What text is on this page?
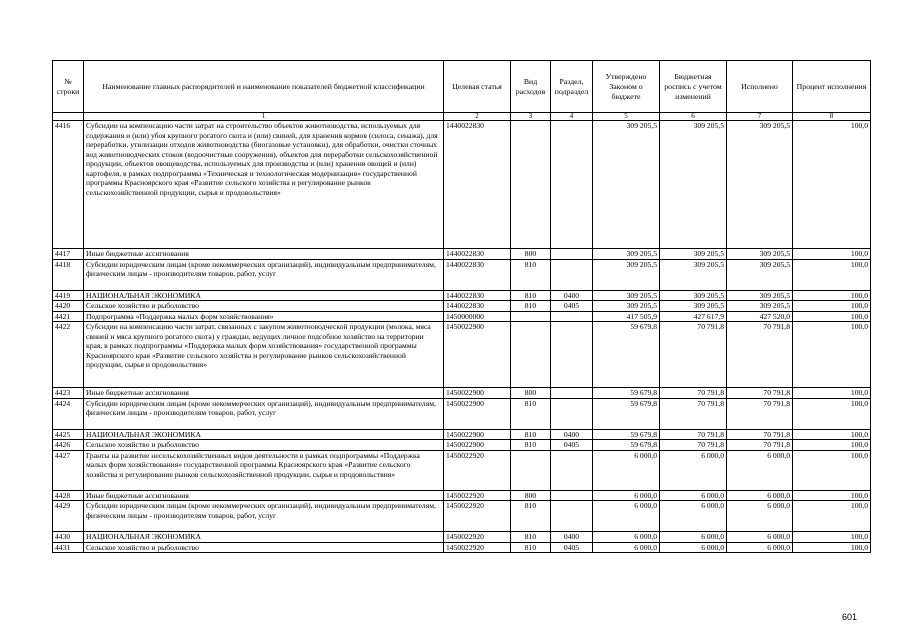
№ строки	Наименование главных распорядителей и наименование показателей бюджетной классификации	Целевая статья	Вид расходов	Раздел, подраздел	Утверждено Законом о бюджете	Бюджетная роспись с учетом изменений	Исполнено	Процент исполнения
	1	2	3	4	5	6	7	8
4416	Субсидии на компенсацию части затрат на строительство объектов животноводства, используемых для содержания и (или) убоя крупного рогатого скота и (или) свиней, для хранения кормов (силоса, сенажа), для переработки, утилизации отходов животноводства (биогазовые установки), для обработки, очистки сточных вод животноводческих стоков (водоочистные сооружения), объектов для переработки сельскохозяйственной продукции, объектов овощеводства, используемых для производства и (или) хранения овощей и (или) картофеля, в рамках подпрограммы «Техническая и технологическая модернизация» государственной программы Красноярского края «Развитие сельского хозяйства и регулирование рынков сельскохозяйственной продукции, сырья и продовольствия»	1440022830			309 205,5	309 205,5	309 205,5	100,0
4417	Иные бюджетные ассигнования	1440022830	800		309 205,5	309 205,5	309 205,5	100,0
4418	Субсидии юридическим лицам (кроме некоммерческих организаций), индивидуальным предпринимателям, физическим лицам - производителям товаров, работ, услуг	1440022830	810		309 205,5	309 205,5	309 205,5	100,0
4419	НАЦИОНАЛЬНАЯ ЭКОНОМИКА	1440022830	810	0400	309 205,5	309 205,5	309 205,5	100,0
4420	Сельское хозяйство и рыболовство	1440022830	810	0405	309 205,5	309 205,5	309 205,5	100,0
4421	Подпрограмма «Поддержка малых форм хозяйствования»	1450000000			417 505,9	427 617,9	427 520,0	100,0
4422	Субсидии на компенсацию части затрат, связанных с закупом животноводческой продукции (молока, мяса свиней и мяса крупного рогатого скота) у граждан, ведущих личное подсобное хозяйство на территории края, в рамках подпрограммы «Поддержка малых форм хозяйствования» государственной программы Красноярского края «Развитие сельского хозяйства и регулирование рынков сельскохозяйственной продукции, сырья и продовольствия»	1450022900			59 679,8	70 791,8	70 791,8	100,0
4423	Иные бюджетные ассигнования	1450022900	800		59 679,8	70 791,8	70 791,8	100,0
4424	Субсидии юридическим лицам (кроме некоммерческих организаций), индивидуальным предпринимателям, физическим лицам - производителям товаров, работ, услуг	1450022900	810		59 679,8	70 791,8	70 791,8	100,0
4425	НАЦИОНАЛЬНАЯ ЭКОНОМИКА	1450022900	810	0400	59 679,8	70 791,8	70 791,8	100,0
4426	Сельское хозяйство и рыболовство	1450022900	810	0405	59 679,8	70 791,8	70 791,8	100,0
4427	Гранты на развитие несельскохозяйственных видов деятельности в рамках подпрограммы «Поддержка малых форм хозяйствования» государственной программы Красноярского края «Развитие сельского хозяйства и регулирование рынков сельскохозяйственной продукции, сырья и продовольствия»	1450022920			6 000,0	6 000,0	6 000,0	100,0
4428	Иные бюджетные ассигнования	1450022920	800		6 000,0	6 000,0	6 000,0	100,0
4429	Субсидии юридическим лицам (кроме некоммерческих организаций), индивидуальным предпринимателям, физическим лицам - производителям товаров, работ, услуг	1450022920	810		6 000,0	6 000,0	6 000,0	100,0
4430	НАЦИОНАЛЬНАЯ ЭКОНОМИКА	1450022920	810	0400	6 000,0	6 000,0	6 000,0	100,0
4431	Сельское хозяйство и рыболовство	1450022920	810	0405	6 000,0	6 000,0	6 000,0	100,0
601
